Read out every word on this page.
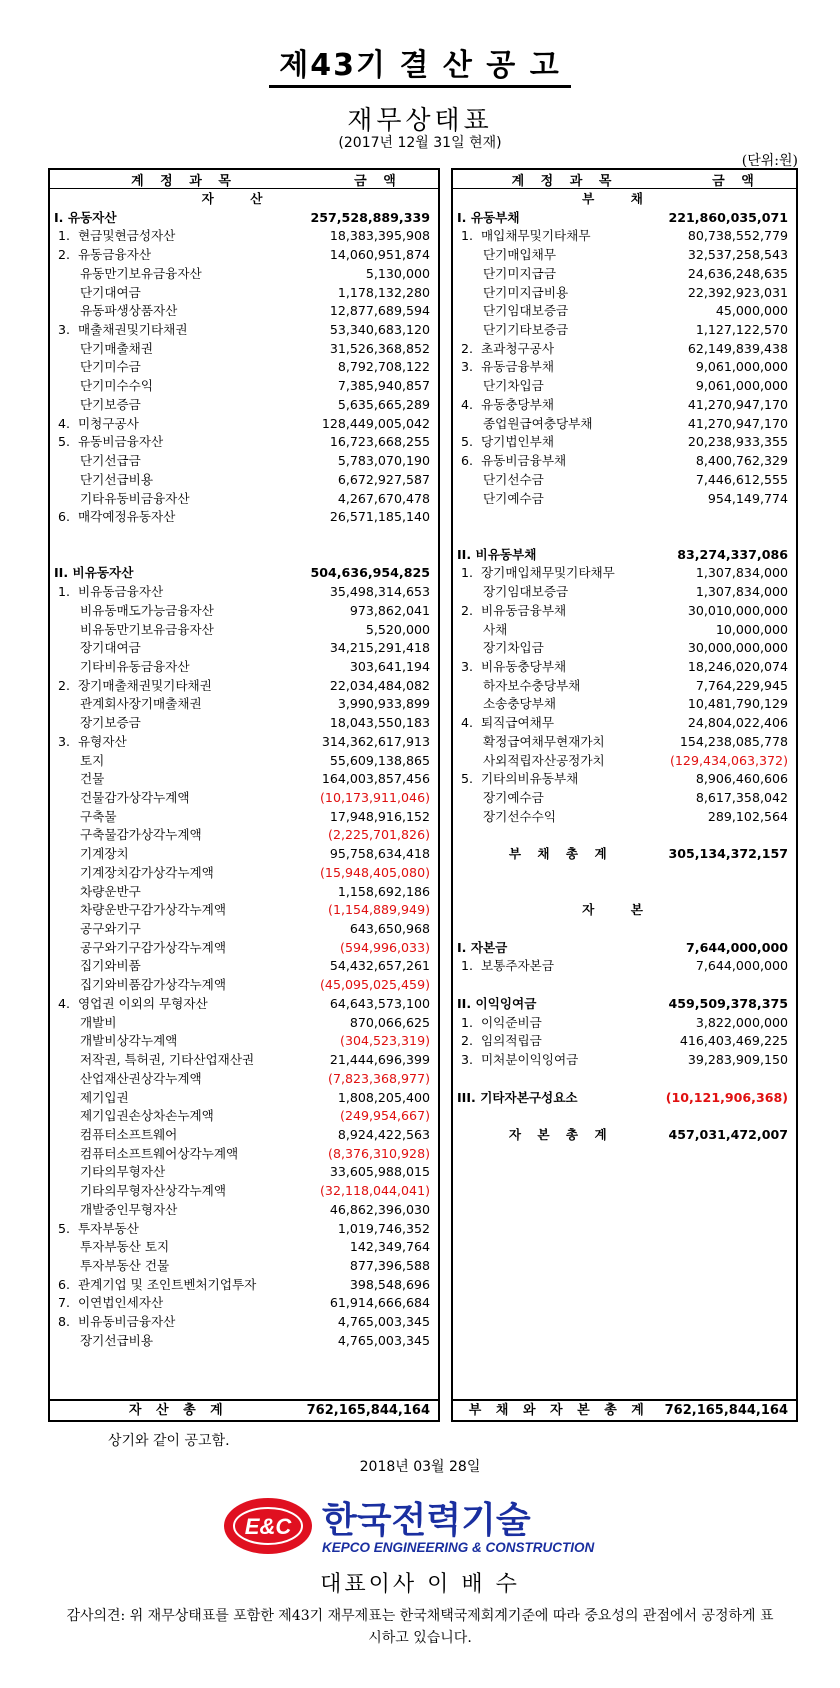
제43기 결 산 공 고
재무상태표
(2017년 12월 31일 현재)
(단위:원)
계 정 과 목	금 액
자 산
I. 유동자산	257,528,889,339
1. 현금및현금성자산	18,383,395,908
2. 유동금융자산	14,060,951,874
유동만기보유금융자산	5,130,000
단기대여금	1,178,132,280
유동파생상품자산	12,877,689,594
3. 매출채권및기타채권	53,340,683,120
단기매출채권	31,526,368,852
단기미수금	8,792,708,122
단기미수수익	7,385,940,857
단기보증금	5,635,665,289
4. 미청구공사	128,449,005,042
5. 유동비금융자산	16,723,668,255
단기선급금	5,783,070,190
단기선급비용	6,672,927,587
기타유동비금융자산	4,267,670,478
6. 매각예정유동자산	26,571,185,140
II. 비유동자산	504,636,954,825
1. 비유동금융자산	35,498,314,653
비유동매도가능금융자산	973,862,041
비유동만기보유금융자산	5,520,000
장기대여금	34,215,291,418
기타비유동금융자산	303,641,194
2. 장기매출채권및기타채권	22,034,484,082
관계회사장기매출채권	3,990,933,899
장기보증금	18,043,550,183
3. 유형자산	314,362,617,913
토지	55,609,138,865
건물	164,003,857,456
건물감가상각누계액	(10,173,911,046)
구축물	17,948,916,152
구축물감가상각누계액	(2,225,701,826)
기계장치	95,758,634,418
기계장치감가상각누계액	(15,948,405,080)
차량운반구	1,158,692,186
차량운반구감가상각누계액	(1,154,889,949)
공구와기구	643,650,968
공구와기구감가상각누계액	(594,996,033)
집기와비품	54,432,657,261
집기와비품감가상각누계액	(45,095,025,459)
4. 영업권 이외의 무형자산	64,643,573,100
개발비	870,066,625
개발비상각누계액	(304,523,319)
저작권, 특허권, 기타산업재산권	21,444,696,399
산업재산권상각누계액	(7,823,368,977)
제기입권	1,808,205,400
제기입권손상차손누계액	(249,954,667)
컴퓨터소프트웨어	8,924,422,563
컴퓨터소프트웨어상각누계액	(8,376,310,928)
기타의무형자산	33,605,988,015
기타의무형자산상각누계액	(32,118,044,041)
개발중인무형자산	46,862,396,030
5. 투자부동산	1,019,746,352
투자부동산 토지	142,349,764
투자부동산 건물	877,396,588
6. 관계기업 및 조인트벤처기업투자	398,548,696
7. 이연법인세자산	61,914,666,684
8. 비유동비금융자산	4,765,003,345
장기선급비용	4,765,003,345
자 산 총 계	762,165,844,164
계 정 과 목	금 액
부 채
I. 유동부채	221,860,035,071
1. 매입채무및기타채무	80,738,552,779
단기매입채무	32,537,258,543
단기미지급금	24,636,248,635
단기미지급비용	22,392,923,031
단기임대보증금	45,000,000
단기기타보증금	1,127,122,570
2. 초과청구공사	62,149,839,438
3. 유동금융부채	9,061,000,000
단기차입금	9,061,000,000
4. 유동충당부채	41,270,947,170
종업원급여충당부채	41,270,947,170
5. 당기법인부채	20,238,933,355
6. 유동비금융부채	8,400,762,329
단기선수금	7,446,612,555
단기예수금	954,149,774
II. 비유동부채	83,274,337,086
1. 장기매입채무및기타채무	1,307,834,000
장기임대보증금	1,307,834,000
2. 비유동금융부채	30,010,000,000
사채	10,000,000
장기차입금	30,000,000,000
3. 비유동충당부채	18,246,020,074
하자보수충당부채	7,764,229,945
소송충당부채	10,481,790,129
4. 퇴직급여채무	24,804,022,406
확정급여채무현재가치	154,238,085,778
사외적립자산공정가치	(129,434,063,372)
5. 기타의비유동부채	8,906,460,606
장기예수금	8,617,358,042
장기선수수익	289,102,564
부 채 총 계	305,134,372,157
자 본
I. 자본금	7,644,000,000
1. 보통주자본금	7,644,000,000
II. 이익잉여금	459,509,378,375
1. 이익준비금	3,822,000,000
2. 임의적립금	416,403,469,225
3. 미처분이익잉여금	39,283,909,150
III. 기타자본구성요소	(10,121,906,368)
자 본 총 계	457,031,472,007
부 채 와 자 본 총 계	762,165,844,164
상기와 같이 공고함.
2018년 03월 28일
E&C 한국전력기술
KEPCO ENGINEERING & CONSTRUCTION
대표이사 이 배 수
감사의견: 위 재무상태표를 포함한 제43기 재무제표는 한국채택국제회계기준에 따라 중요성의 관점에서 공정하게 표시하고 있습니다.
